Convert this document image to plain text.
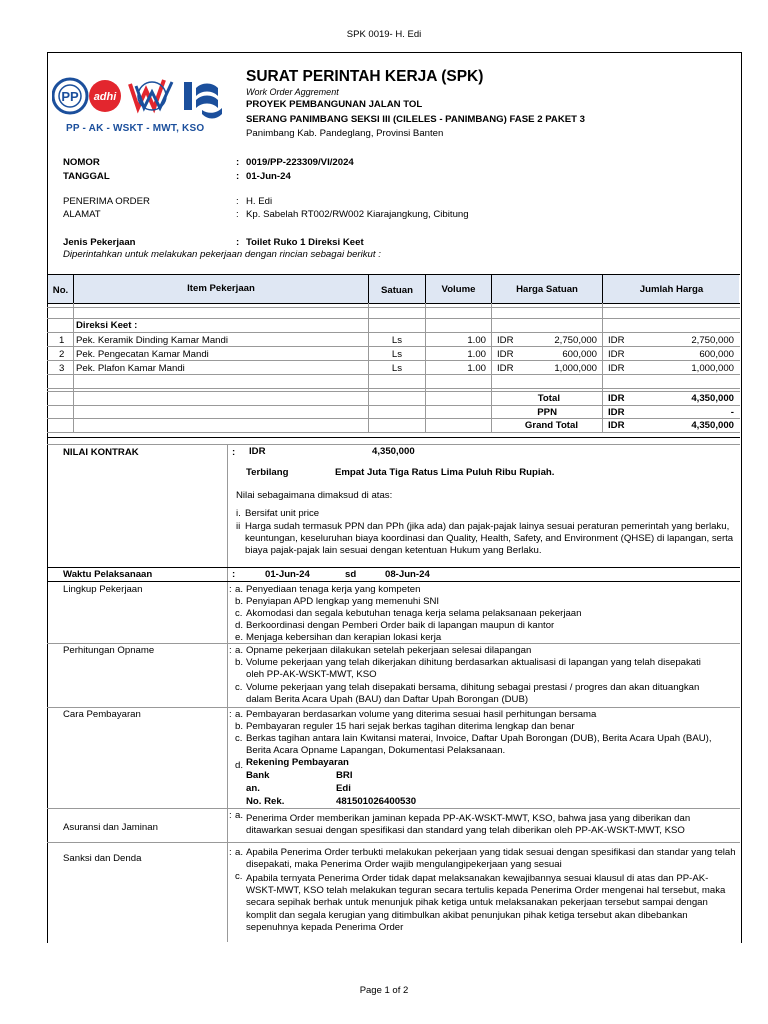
SPK 0019- H. Edi
PP adhi
PP - AK - WSKT - MWT, KSO
SURAT PERINTAH KERJA (SPK)
Work Order Aggrement
PROYEK PEMBANGUNAN JALAN TOL
SERANG PANIMBANG SEKSI III (CILELES - PANIMBANG) FASE 2 PAKET 3
Panimbang Kab. Pandeglang, Provinsi Banten
NOMOR	: 0019/PP-223309/VI/2024
TANGGAL	: 01-Jun-24
PENERIMA ORDER	: H. Edi
ALAMAT	: Kp. Sabelah RT002/RW002 Kiarajangkung, Cibitung
Jenis Pekerjaan	: Toilet Ruko 1 Direksi Keet
Diperintahkan untuk melakukan pekerjaan dengan rincian sebagai berikut :
No.	Item Pekerjaan	Satuan	Volume	Harga Satuan	Jumlah Harga
Direksi Keet :
1 Pek. Keramik Dinding Kamar Mandi	Ls	1.00 IDR	2,750,000 IDR	2,750,000
2 Pek. Pengecatan Kamar Mandi	Ls	1.00 IDR	600,000 IDR	600,000
3 Pek. Plafon Kamar Mandi	Ls	1.00 IDR	1,000,000 IDR	1,000,000
Total	IDR	4,350,000
PPN	IDR	-
Grand Total	IDR	4,350,000
NILAI KONTRAK	: IDR	4,350,000
Terbilang	Empat Juta Tiga Ratus Lima Puluh Ribu Rupiah.
Nilai sebagaimana dimaksud di atas:
i. Bersifat unit price
ii Harga sudah termasuk PPN dan PPh (jika ada) dan pajak-pajak lainya sesuai peraturan pemerintah yang berlaku, keuntungan, keseluruhan biaya koordinasi dan Quality, Health, Safety, and Environment (QHSE) di lapangan, serta biaya pajak-pajak lain sesuai dengan ketentuan Hukum yang Berlaku.
Waktu Pelaksanaan	:	01-Jun-24	sd	08-Jun-24
Lingkup Pekerjaan	: a. Penyediaan tenaga kerja yang kompeten
b. Penyiapan APD lengkap yang memenuhi SNI
c. Akomodasi dan segala kebutuhan tenaga kerja selama pelaksanaan pekerjaan
d. Berkoordinasi dengan Pemberi Order baik di lapangan maupun di kantor
e. Menjaga kebersihan dan kerapian lokasi kerja
Perhitungan Opname	: a. Opname pekerjaan dilakukan setelah pekerjaan selesai dilapangan
b. Volume pekerjaan yang telah dikerjakan dihitung berdasarkan aktualisasi di lapangan yang telah disepakati oleh PP-AK-WSKT-MWT, KSO
c. Volume pekerjaan yang telah disepakati bersama, dihitung sebagai prestasi / progres dan akan dituangkan dalam Berita Acara Upah (BAU) dan Daftar Upah Borongan (DUB)
Cara Pembayaran	: a. Pembayaran berdasarkan volume yang diterima sesuai hasil perhitungan bersama
b. Pembayaran reguler 15 hari sejak berkas tagihan diterima lengkap dan benar
c. Berkas tagihan antara lain Kwitansi materai, Invoice, Daftar Upah Borongan (DUB), Berita Acara Upah (BAU), Berita Acara Opname Lapangan, Dokumentasi Pelaksanaan.
d. Rekening Pembayaran
Bank	BRI
an.	Edi
No. Rek.	481501026400530
Asuransi dan Jaminan
: a. Penerima Order memberikan jaminan kepada PP-AK-WSKT-MWT, KSO, bahwa jasa yang diberikan dan ditawarkan sesuai dengan spesifikasi dan standard yang telah diberikan oleh PP-AK-WSKT-MWT, KSO
Sanksi dan Denda
: a. Apabila Penerima Order terbukti melakukan pekerjaan yang tidak sesuai dengan spesifikasi dan standar yang telah disepakati, maka Penerima Order wajib mengulangipekerjaan yang sesuai
c. Apabila ternyata Penerima Order tidak dapat melaksanakan kewajibannya sesuai klausul di atas dan PP-AK-WSKT-MWT, KSO telah melakukan teguran secara tertulis kepada Penerima Order mengenai hal tersebut, maka secara sepihak berhak untuk menunjuk pihak ketiga untuk melaksanakan pekerjaan tersebut sampai dengan komplit dan segala kerugian yang ditimbulkan akibat penunjukan pihak ketiga tersebut akan dibebankan sepenuhnya kepada Penerima Order
Page 1 of 2
